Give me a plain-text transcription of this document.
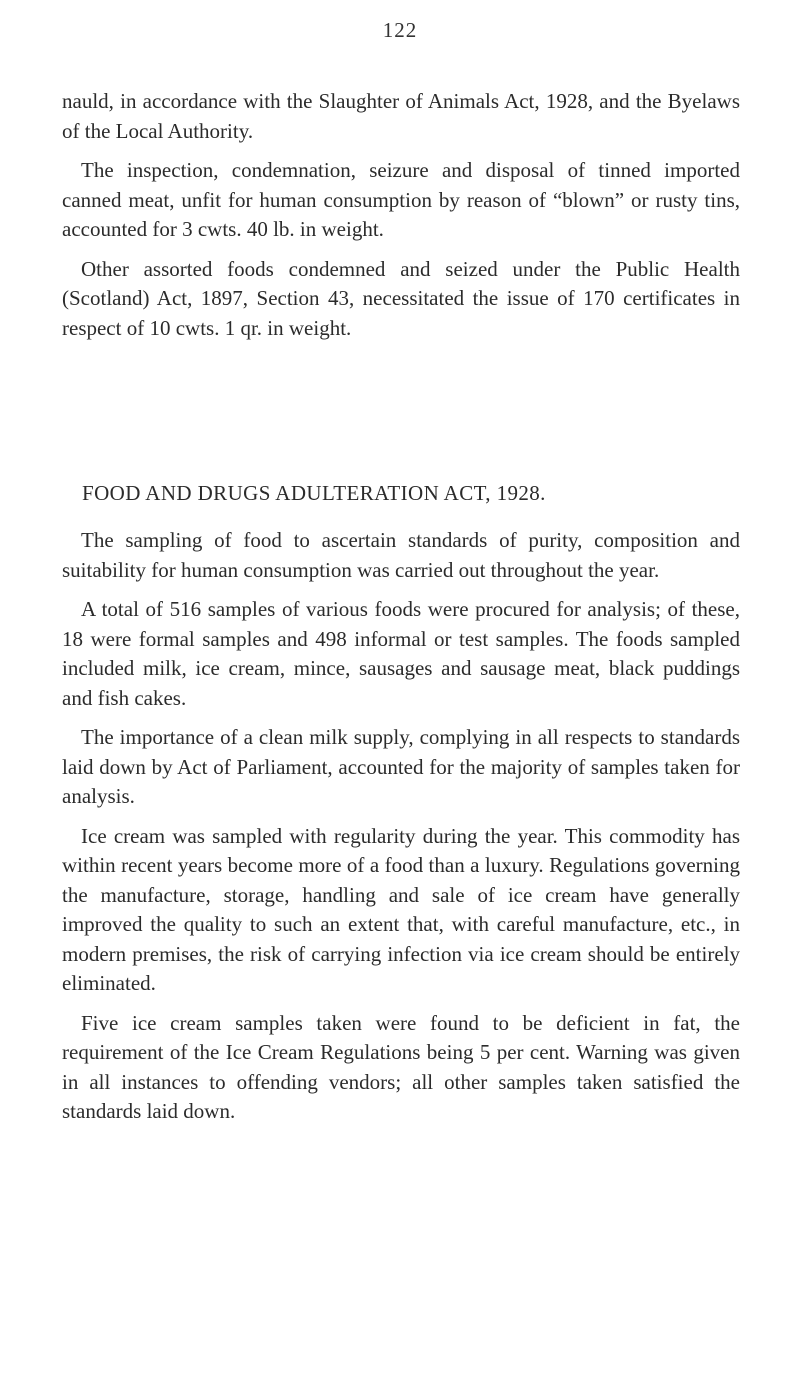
122

nauld, in accordance with the Slaughter of Animals Act, 1928, and the Byelaws of the Local Authority.

The inspection, condemnation, seizure and disposal of tinned imported canned meat, unfit for human consumption by reason of “blown” or rusty tins, accounted for 3 cwts. 40 lb. in weight.

Other assorted foods condemned and seized under the Public Health (Scotland) Act, 1897, Section 43, necessitated the issue of 170 certificates in respect of 10 cwts. 1 qr. in weight.

FOOD AND DRUGS ADULTERATION ACT, 1928.

The sampling of food to ascertain standards of purity, composition and suitability for human consumption was carried out throughout the year.

A total of 516 samples of various foods were procured for analysis; of these, 18 were formal samples and 498 informal or test samples. The foods sampled included milk, ice cream, mince, sausages and sausage meat, black puddings and fish cakes.

The importance of a clean milk supply, complying in all respects to standards laid down by Act of Parliament, accounted for the majority of samples taken for analysis.

Ice cream was sampled with regularity during the year. This commodity has within recent years become more of a food than a luxury. Regulations governing the manufacture, storage, handling and sale of ice cream have generally improved the quality to such an extent that, with careful manufacture, etc., in modern premises, the risk of carrying infection via ice cream should be entirely eliminated.

Five ice cream samples taken were found to be deficient in fat, the requirement of the Ice Cream Regulations being 5 per cent. Warning was given in all instances to offending vendors; all other samples taken satisfied the standards laid down.
